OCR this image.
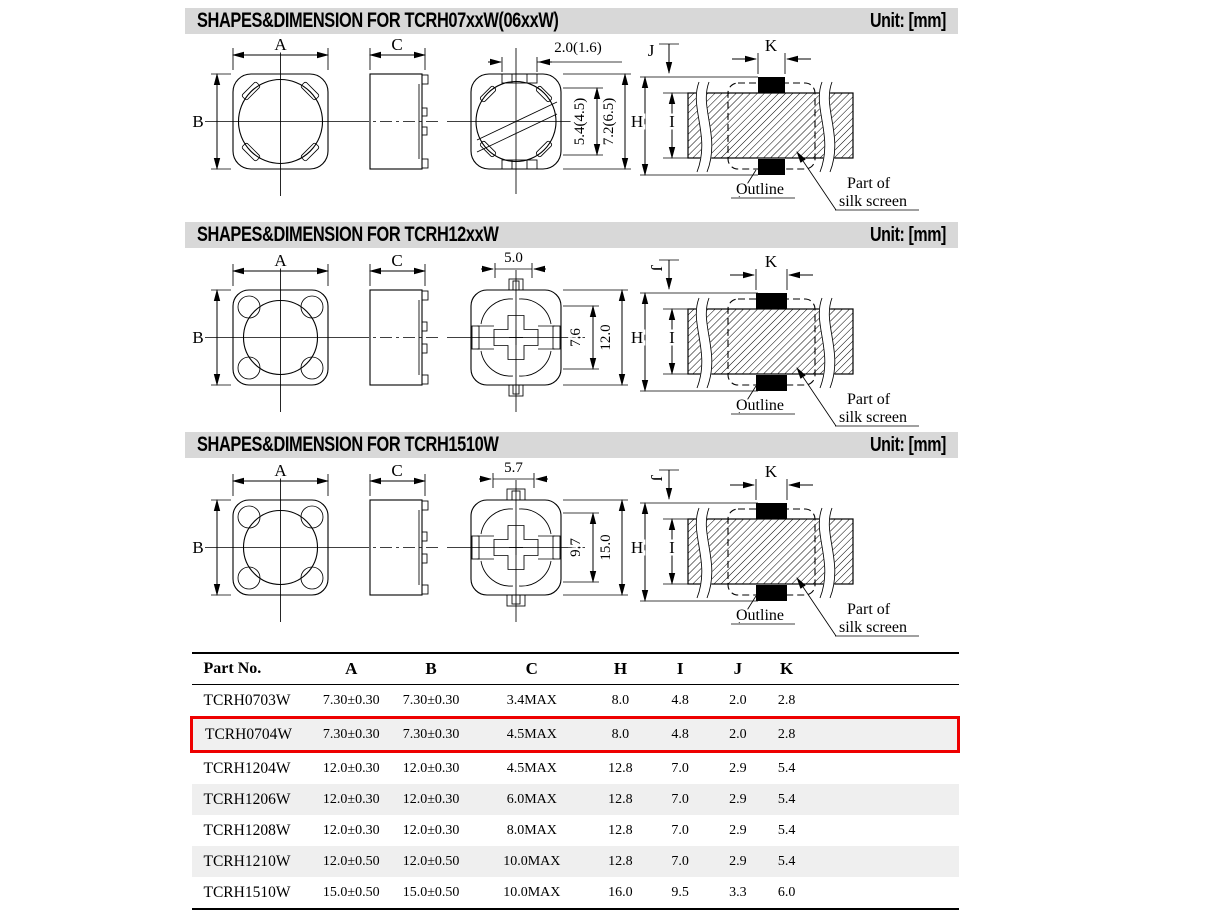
SHAPES&DIMENSION FOR TCRH07xxW(06xxW)	Unit: [mm]
A
B
C	2.0(1.6)
5.4(4.5) 7.2(6.5) H I
J	K
Outline	Part of
silk screen
SHAPES&DIMENSION FOR TCRH12xxW	Unit: [mm]
A
B
C	5.0
7.6 12.0 H I
J	K
Outline	Part of
silk screen
SHAPES&DIMENSION FOR TCRH1510W	Unit: [mm]
A
B
C	5.7
9.7 15.0 H I
J	K
Outline	Part of
silk screen
Part No.	A	B	C	H	I	J	K	
TCRH0703W	7.30±0.30	7.30±0.30	3.4MAX	8.0	4.8	2.0	2.8	
TCRH0704W	7.30±0.30	7.30±0.30	4.5MAX	8.0	4.8	2.0	2.8	
TCRH1204W	12.0±0.30	12.0±0.30	4.5MAX	12.8	7.0	2.9	5.4	
TCRH1206W	12.0±0.30	12.0±0.30	6.0MAX	12.8	7.0	2.9	5.4	
TCRH1208W	12.0±0.30	12.0±0.30	8.0MAX	12.8	7.0	2.9	5.4	
TCRH1210W	12.0±0.50	12.0±0.50	10.0MAX	12.8	7.0	2.9	5.4	
TCRH1510W	15.0±0.50	15.0±0.50	10.0MAX	16.0	9.5	3.3	6.0	
